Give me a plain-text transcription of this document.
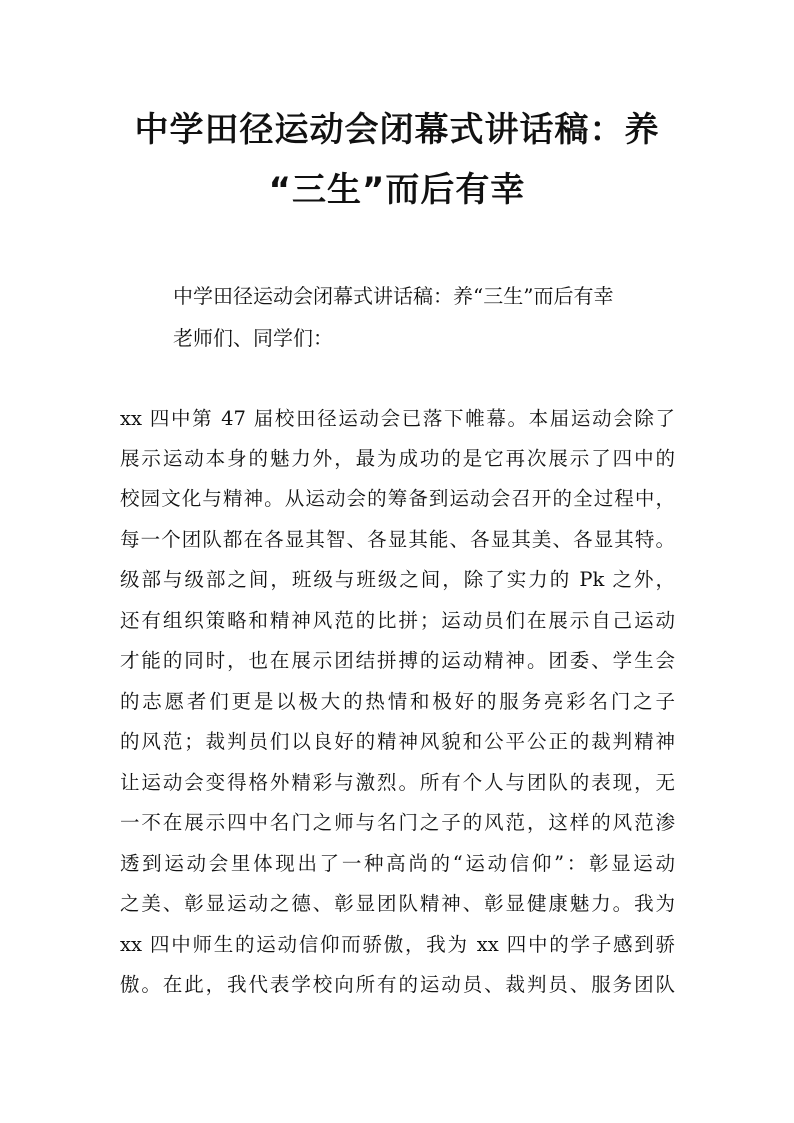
中学田径运动会闭幕式讲话稿：养
“三生”而后有幸
中学田径运动会闭幕式讲话稿：养“三生”而后有幸
老师们、同学们：
xx 四中第 47 届校田径运动会已落下帷幕。本届运动会除了
展示运动本身的魅力外，最为成功的是它再次展示了四中的
校园文化与精神。从运动会的筹备到运动会召开的全过程中，
每一个团队都在各显其智、各显其能、各显其美、各显其特。
级部与级部之间，班级与班级之间，除了实力的 Pk 之外，
还有组织策略和精神风范的比拼；运动员们在展示自己运动
才能的同时，也在展示团结拼搏的运动精神。团委、学生会
的志愿者们更是以极大的热情和极好的服务亮彩名门之子
的风范；裁判员们以良好的精神风貌和公平公正的裁判精神
让运动会变得格外精彩与激烈。所有个人与团队的表现，无
一不在展示四中名门之师与名门之子的风范，这样的风范渗
透到运动会里体现出了一种高尚的“运动信仰”：彰显运动
之美、彰显运动之德、彰显团队精神、彰显健康魅力。我为
xx 四中师生的运动信仰而骄傲，我为 xx 四中的学子感到骄
傲。在此，我代表学校向所有的运动员、裁判员、服务团队
